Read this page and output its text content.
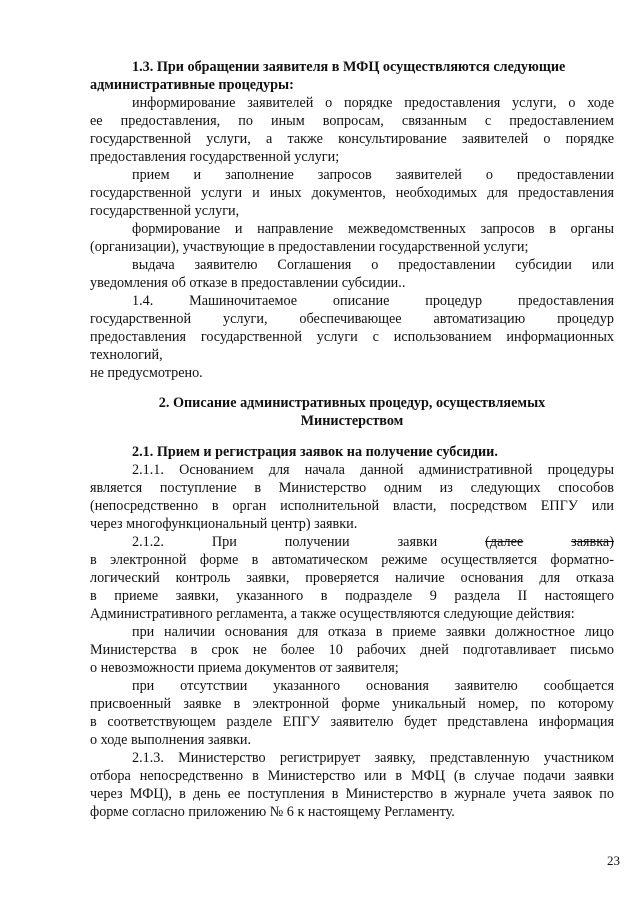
1.3. При обращении заявителя в МФЦ осуществляются следующие
административные процедуры:
информирование заявителей о порядке предоставления услуги, о ходе
ее предоставления, по иным вопросам, связанным с предоставлением
государственной услуги, а также консультирование заявителей о порядке
предоставления государственной услуги;
прием и заполнение запросов заявителей о предоставлении
государственной услуги и иных документов, необходимых для предоставления
государственной услуги,
формирование и направление межведомственных запросов в органы
(организации), участвующие в предоставлении государственной услуги;
выдача заявителю Соглашения о предоставлении субсидии или
уведомления об отказе в предоставлении субсидии..
1.4.	Машиночитаемое	описание	процедур	предоставления
государственной услуги, обеспечивающее автоматизацию процедур
предоставления государственной услуги с использованием информационных
технологий,
не предусмотрено.
2. Описание административных процедур, осуществляемых
Министерством
2.1. Прием и регистрация заявок на получение субсидии.
2.1.1. Основанием для начала данной административной процедуры
является поступление в Министерство одним из следующих способов
(непосредственно в орган исполнительной власти, посредством ЕПГУ или
через многофункциональный центр) заявки.
2.1.2.	При	получении	заявки	(далее	заявка)
в электронной форме в автоматическом режиме осуществляется форматно-
логический контроль заявки, проверяется наличие основания для отказа
в приеме заявки, указанного в подразделе 9 раздела II настоящего
Административного регламента, а также осуществляются следующие действия:
при наличии основания для отказа в приеме заявки должностное лицо
Министерства в срок не более 10 рабочих дней подготавливает письмо
о невозможности приема документов от заявителя;
при отсутствии указанного основания заявителю сообщается
присвоенный заявке в электронной форме уникальный номер, по которому
в соответствующем разделе ЕПГУ заявителю будет представлена информация
о ходе выполнения заявки.
2.1.3. Министерство регистрирует заявку, представленную участником
отбора непосредственно в Министерство или в МФЦ (в случае подачи заявки
через МФЦ), в день ее поступления в Министерство в журнале учета заявок по
форме согласно приложению № 6 к настоящему Регламенту.
23
